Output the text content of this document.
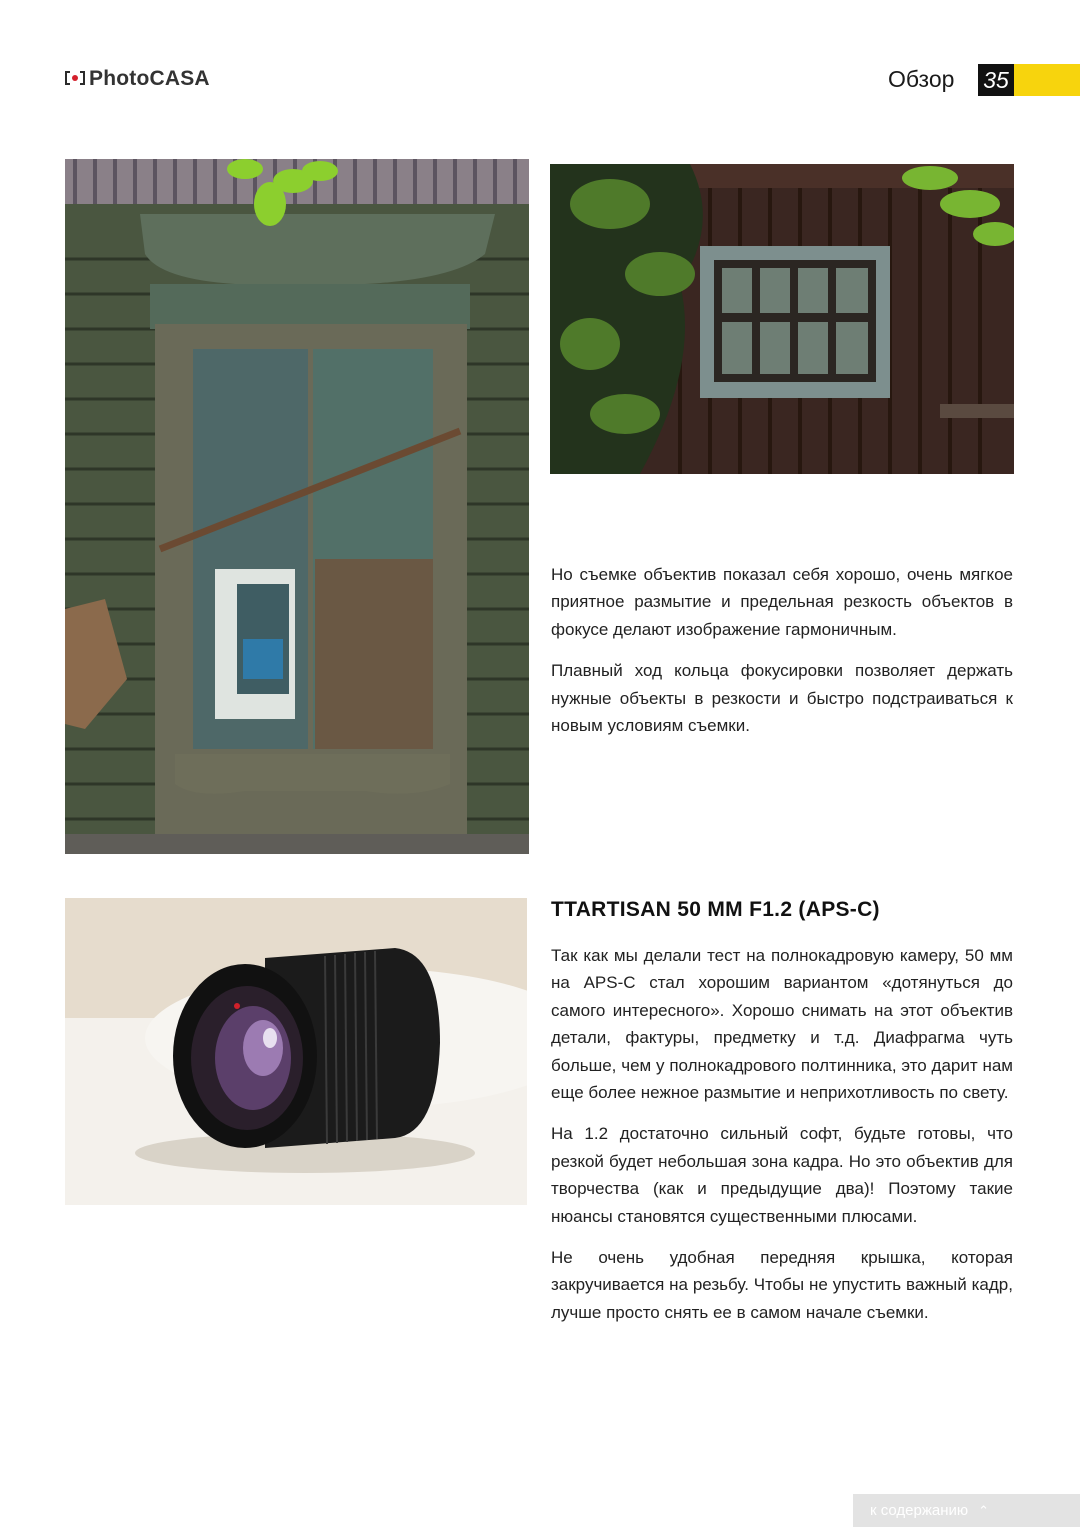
PhotoCASA	Обзор 35

Но съемке объектив показал себя хорошо, очень мягкое приятное размытие и предельная резкость объектов в фокусе делают изображение гармоничным.

Плавный ход кольца фокусировки позволяет держать нужные объекты в резкости и быстро подстраиваться к новым условиям съемки.

TTARTISAN 50 MM F1.2 (APS-C)

Так как мы делали тест на полнокадровую камеру, 50 мм на APS-C стал хорошим вариантом «дотянуться до самого интересного». Хорошо снимать на этот объектив детали, фактуры, предметку и т.д. Диафрагма чуть больше, чем у полнокадрового полтинника, это дарит нам еще более нежное размытие и неприхотливость по свету.

На 1.2 достаточно сильный софт, будьте готовы, что резкой будет небольшая зона кадра. Но это объектив для творчества (как и предыдущие два)! Поэтому такие нюансы становятся существенными плюсами.

Не очень удобная передняя крышка, которая закручивается на резьбу. Чтобы не упустить важный кадр, лучше просто снять ее в самом начале съемки.

к содержанию ⌃
